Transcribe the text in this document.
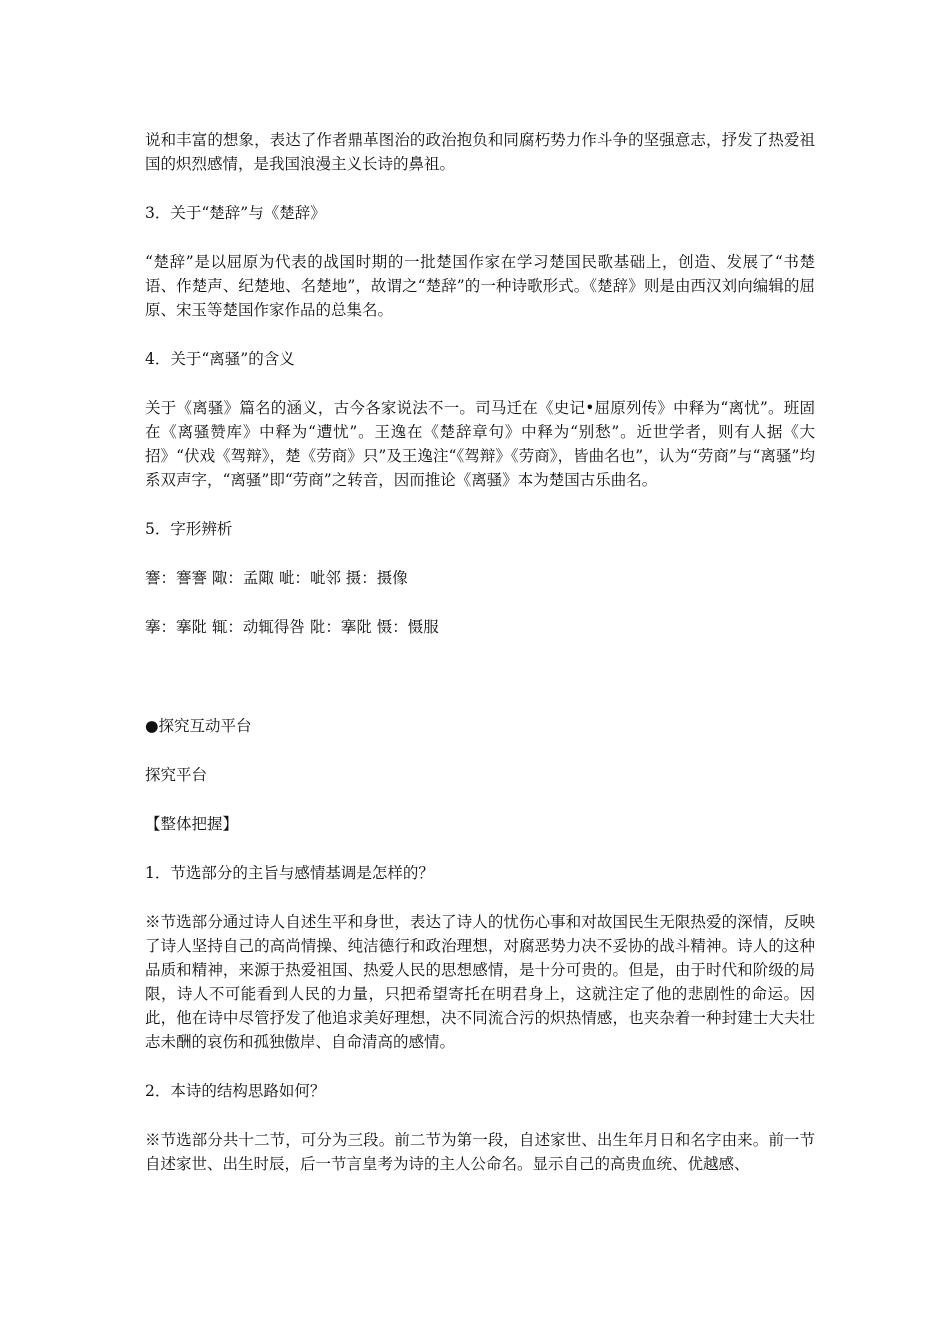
说和丰富的想象，表达了作者鼎革图治的政治抱负和同腐朽势力作斗争的坚强意志，抒发了热爱祖国的炽烈感情，是我国浪漫主义长诗的鼻祖。

3．关于“楚辞”与《楚辞》

“楚辞”是以屈原为代表的战国时期的一批楚国作家在学习楚国民歌基础上，创造、发展了“书楚语、作楚声、纪楚地、名楚地”，故谓之“楚辞”的一种诗歌形式。《楚辞》则是由西汉刘向编辑的屈原、宋玉等楚国作家作品的总集名。

4．关于“离骚”的含义

关于《离骚》篇名的涵义，古今各家说法不一。司马迁在《史记•屈原列传》中释为“离忧”。班固在《离骚赞库》中释为“遭忧”。王逸在《楚辞章句》中释为“别愁”。近世学者，则有人据《大招》“伏戏《驾辩》，楚《劳商》只”及王逸注“《驾辩》《劳商》，皆曲名也”，认为“劳商”与“离骚”均系双声字，“离骚”即“劳商”之转音，因而推论《离骚》本为楚国古乐曲名。

5．字形辨析

謇：謇謇 陬：孟陬 呲：呲邻 摄：摄像

搴：搴阰 辄：动辄得咎 阰：搴阰 慑：慑服

●探究互动平台

探究平台

【整体把握】

1．节选部分的主旨与感情基调是怎样的？

※节选部分通过诗人自述生平和身世，表达了诗人的忧伤心事和对故国民生无限热爱的深情，反映了诗人坚持自己的高尚情操、纯洁德行和政治理想，对腐恶势力决不妥协的战斗精神。诗人的这种品质和精神，来源于热爱祖国、热爱人民的思想感情，是十分可贵的。但是，由于时代和阶级的局限，诗人不可能看到人民的力量，只把希望寄托在明君身上，这就注定了他的悲剧性的命运。因此，他在诗中尽管抒发了他追求美好理想，决不同流合污的炽热情感，也夹杂着一种封建士大夫壮志未酬的哀伤和孤独傲岸、自命清高的感情。

2．本诗的结构思路如何？

※节选部分共十二节，可分为三段。前二节为第一段，自述家世、出生年月日和名字由来。前一节自述家世、出生时辰，后一节言皇考为诗的主人公命名。显示自己的高贵血统、优越感、
